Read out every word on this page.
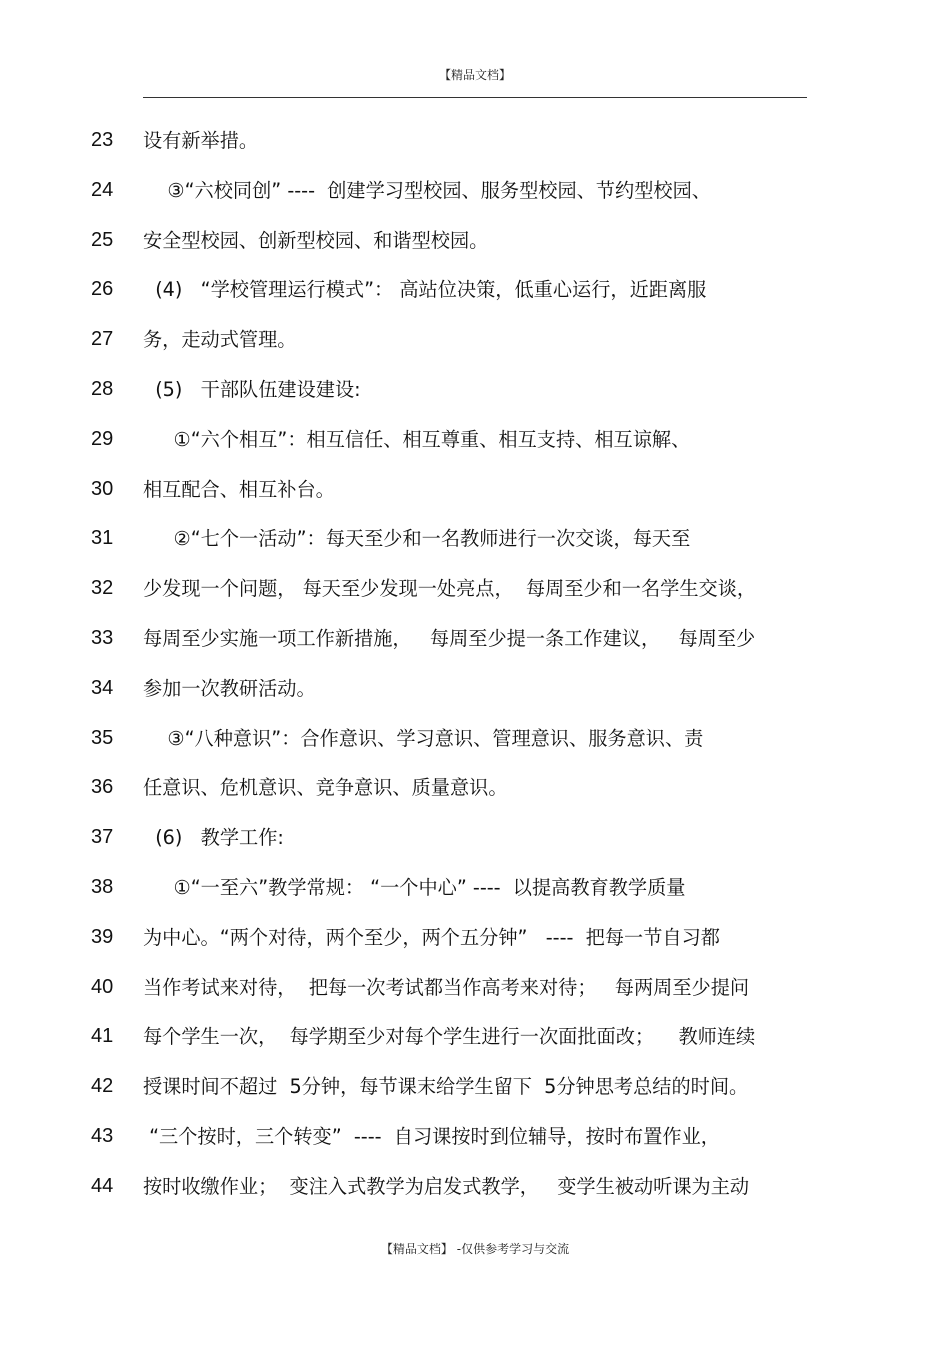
【精品文档】
23	设有新举措。
24	③“六校同创” ----  创建学习型校园、服务型校园、节约型校园、
25	安全型校园、创新型校园、和谐型校园。
26	(4)   “学校管理运行模式”： 高站位决策，低重心运行，近距离服
27	务，走动式管理。
28	(5)   干部队伍建设建设:
29	①“六个相互”：相互信任、相互尊重、相互支持、相互谅解、
30	相互配合、相互补台。
31	②“七个一活动”：每天至少和一名教师进行一次交谈，每天至
32	少发现一个问题， 每天至少发现一处亮点，  每周至少和一名学生交谈，
33	每周至少实施一项工作新措施，   每周至少提一条工作建议，   每周至少
34	参加一次教研活动。
35	③“八种意识”：合作意识、学习意识、管理意识、服务意识、责
36	任意识、危机意识、竞争意识、质量意识。
37	(6)   教学工作:
38	①“一至六”教学常规： “一个中心” ----  以提高教育教学质量
39	为中心。“两个对待，两个至少，两个五分钟”   ----  把每一节自习都
40	当作考试来对待，  把每一次考试都当作高考来对待；   每两周至少提问
41	每个学生一次，  每学期至少对每个学生进行一次面批面改；    教师连续
42	授课时间不超过  5分钟，每节课末给学生留下  5分钟思考总结的时间。
43	“三个按时，三个转变”  ----  自习课按时到位辅导，按时布置作业，
44	按时收缴作业；  变注入式教学为启发式教学，   变学生被动听课为主动
【精品文档】 -仅供参考学习与交流
